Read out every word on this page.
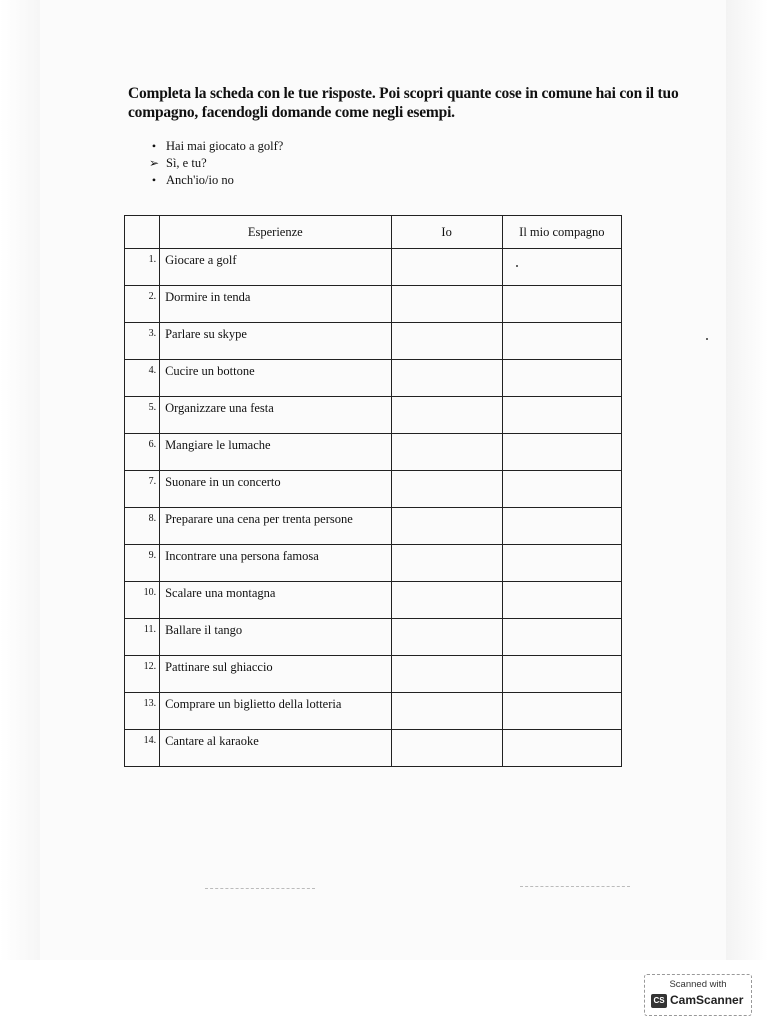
Completa la scheda con le tue risposte. Poi scopri quante cose in comune hai con il tuo compagno, facendogli domande come negli esempi.
• Hai mai giocato a golf?
➢ Sì, e tu?
• Anch'io/io no
	Esperienze	Io	Il mio compagno
1.	Giocare a golf		
2.	Dormire in tenda		
3.	Parlare su skype		
4.	Cucire un bottone		
5.	Organizzare una festa		
6.	Mangiare le lumache		
7.	Suonare in un concerto		
8.	Preparare una cena per trenta persone		
9.	Incontrare una persona famosa		
10.	Scalare una montagna		
11.	Ballare il tango		
12.	Pattinare sul ghiaccio		
13.	Comprare un biglietto della lotteria		
14.	Cantare al karaoke		
Scanned with
CS CamScanner
